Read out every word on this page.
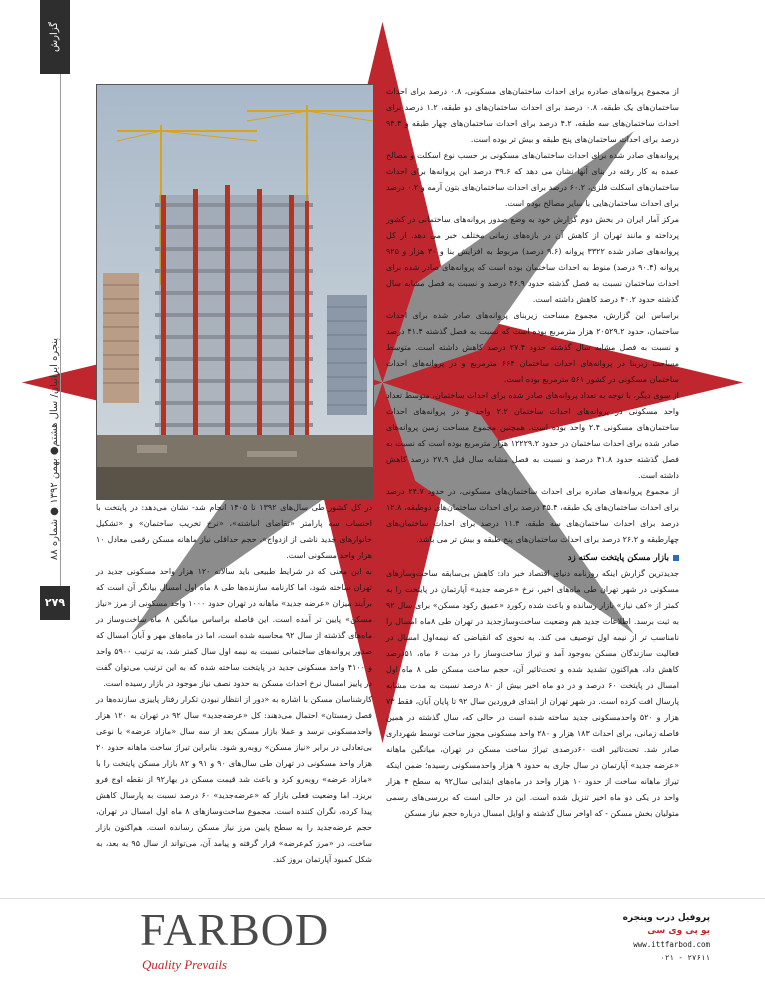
گزارش
پنجره ایرانیان/ سال هشتم● بهمن ۱۳۹۲ ● شماره ۸۸
۲۷۹

از مجموع پروانه‌های صادره برای احداث ساختمان‌های مسکونی، ۰.۸ درصد برای احداث ساختمان‌های یک طبقه، ۰.۸ درصد برای احداث ساختمان‌های دو طبقه، ۱.۲ درصد برای احداث ساختمان‌های سه طبقه، ۴.۲ درصد برای احداث ساختمان‌های چهار طبقه و ۹۴.۴ درصد برای احداث ساختمان‌های پنج طبقه و بیش تر بوده است.

پروانه‌های صادر شده برای احداث ساختمان‌های مسکونی بر حسب نوع اسکلت و مصالح عمده به کار رفته در بنای آنها نشان می دهد که ۳۹.۶ درصد این پروانه‌ها برای احداث ساختمان‌های اسکلت فلزی، ۶۰.۲ درصد برای احداث ساختمان‌های بتون آرمه و ۰.۲ درصد برای احداث ساختمان‌هایی با سایر مصالح بوده است.

مرکز آمار ایران در بخش دوم گزارش خود به وضع صدور پروانه‌های ساختمانی در کشور پرداخته و مانند تهران از کاهش آن در بازه‌های زمانی مختلف خبر می دهد. از کل پروانه‌های صادر شده ۳۳۲۲ پروانه (۹.۶ درصد) مربوط به افزایش بنا و ۳۰ هزار و ۹۲۵ پروانه (۹۰.۴ درصد) منوط به احداث ساختمان بوده است که پروانه‌های صادر شده برای احداث ساختمان نسبت به فصل گذشته حدود ۴۶.۹ درصد و نسبت به فصل مشابه سال گذشته حدود ۴۰.۲ درصد کاهش داشته است.

براساس این گزارش، مجموع مساحت زیربنای پروانه‌های صادر شده برای احداث ساختمان، حدود ۲۰۵۲۹.۲ هزار مترمربع بوده است که نسبت به فصل گذشته ۴۱.۴ درصد و نسبت به فصل مشابه سال گذشته حدود ۲۷.۴ درصد کاهش داشته است. متوسط مساحت زیربنا در پروانه‌های احداث ساختمان ۶۶۴ مترمربع و در پروانه‌های احداث ساختمان مسکونی در کشور ۵۶۱ مترمربع بوده است.

از سوی دیگر، با توجه به تعداد پروانه‌های صادر شده برای احداث ساختمان، متوسط تعداد واحد مسکونی در پروانه‌های احداث ساختمان ۲.۲ واحد و در پروانه‌های احداث ساختمان‌های مسکونی ۲.۴ واحد بوده است. همچنین مجموع مساحت زمین پروانه‌های صادر شده برای احداث ساختمان در حدود ۱۲۲۲۹.۲ هزار مترمربع بوده است که نسبت به فصل گذشته حدود ۴۱.۸ درصد و نسبت به فصل مشابه سال قبل ۲۷.۹ درصد کاهش داشته است.

از مجموع پروانه‌های صادره برای احداث ساختمان‌های مسکونی، در حدود ۲۴.۷ درصد برای احداث ساختمان‌های یک طبقه، ۴۵.۴ درصد برای احداث ساختمان‌های دوطبقه، ۱۲.۸ درصد برای احداث ساختمان‌های سه طبقه، ۱۱.۴ درصد برای احداث ساختمان‌های چهارطبقه و ۲۶.۲ درصد برای احداث ساختمان‌های پنج طبقه و بیش تر می باشد.

بازار مسکن پایتخت سکته زد

جدیدترین گزارش اینکه روزنامه دنیای اقتصاد خبر داد: کاهش بی‌سابقه ساخت‌وسازهای مسکونی در شهر تهران طی ماه‌های اخیر، نرخ «عرضه جدید» آپارتمان در پایتخت را به کمتر از «کف نیاز» بازار رسانده و باعث شده رکورد «عمیق رکود مسکن» برای سال ۹۲ به ثبت برسد. اطلاعات جدید هم وضعیت ساخت‌وسازجدید در تهران طی ۸ماه امسال را نامناسب تر از نیمه اول توصیف می کند. به نحوی که انقباضی که نیمه‌اول امسال در فعالیت سازندگان مسکن به‌وجود آمد و تیراژ ساخت‌وساز را در مدت ۶ ماه، ۵۱درصد کاهش داد، هم‌اکنون تشدید شده و تحت‌تاثیر آن، حجم ساخت مسکن طی ۸ ماه اول امسال در پایتخت ۶۰ درصد و در دو ماه اخیر بیش از ۸۰ درصد نسبت به مدت مشابه پارسال افت کرده است. در شهر تهران از ابتدای فروردین سال ۹۲ تا پایان آبان، فقط ۷۳ هزار و ۵۲۰ واحدمسکونی جدید ساخته شده است در حالی که، سال گذشته در همین فاصله زمانی، برای احداث ۱۸۳ هزار و ۲۸۰ واحد مسکونی مجوز ساخت توسط شهرداری صادر شد. تحت‌تاثیر افت ۶۰درصدی تیراژ ساخت مسکن در تهران، میانگین ماهانه «عرضه جدید» آپارتمان در سال جاری به حدود ۹ هزار واحدمسکونی رسیده؛ ضمن اینکه تیراژ ماهانه ساخت از حدود ۱۰ هزار واحد در ماه‌های ابتدایی سال۹۲ به سطح ۴ هزار واحد در یکی دو ماه اخیر تنزیل شده است. این در حالی است که بررسی‌های رسمی متولیان بخش مسکن - که اواخر سال گذشته و اوایل امسال درباره حجم نیاز مسکن

در کل کشور طی سال‌های ۱۳۹۲ تا ۱۴۰۵ انجام شد- نشان می‌دهد: در پایتخت با احتساب سه پارامتر «تقاضای انباشته»، «نرخ تخریب ساختمان» و «تشکیل خانوارهای جدید ناشی از ازدواج»، حجم حداقلی نیاز ماهانه مسکن رقمی معادل ۱۰ هزار واحد مسکونی است.

به این معنی که در شرایط طبیعی باید سالانه ۱۲۰ هزار واحد مسکونی جدید در تهران ساخته شود، اما کارنامه سازنده‌ها طی ۸ ماه اول امسال بیانگر آن است که برآیند میزان «عرضه جدید» ماهانه در تهران حدود ۱۰۰۰ واحد مسکونی از مرز «نیاز مسکن» پایین تر آمده است. این فاصله براساس میانگین ۸ ماه ساخت‌وساز در ماه‌های گذشته از سال ۹۲ محاسبه شده است، اما در ماه‌های مهر و آبان امسال که صدور پروانه‌های ساختمانی نسبت به نیمه اول سال کمتر شد، به ترتیب ۵۹۰۰ واحد و ۴۱۰۰ واحد مسکونی جدید در پایتخت ساخته شده که به این ترتیب می‌توان گفت در پاییز امسال نرخ احداث مسکن به حدود نصف نیاز موجود در بازار رسیده است.

کارشناسان مسکن با اشاره به «دور از انتظار نبودن تکرار رفتار پاییزی سازنده‌ها در فصل زمستان» احتمال می‌دهند: کل «عرضه‌جدید» سال ۹۲ در تهران به ۱۲۰ هزار واحدمسکونی نرسد و عملا بازار مسکن بعد از سه سال «مازاد عرضه» با نوعی بی‌تعادلی در برابر «نیاز مسکن» روبه‌رو شود. بنابراین تیراژ ساخت ماهانه حدود ۲۰ هزار واحد مسکونی در تهران طی سال‌های ۹۰ و ۹۱ و ۸۲ بازار مسکن پایتخت را با «مازاد عرضه» روبه‌رو کرد و باعث شد قیمت مسکن در بهار۹۲ از نقطه اوج فرو بریزد. اما وضعیت فعلی بازار که «عرضه‌جدید» ۶۰ درصد نسبت به پارسال کاهش پیدا کرده، نگران کننده است. مجموع ساخت‌وسازهای ۸ ماه اول امسال در تهران، حجم عرضه‌جدید را به سطح پایین مرز نیاز مسکن رسانده است. هم‌اکنون بازار ساخت، در «مرز کم‌عرضه» قرار گرفته و پیامد آن، می‌تواند از سال ۹۵ به بعد، به شکل کمبود آپارتمان بروز کند.

FARBOD
Quality Prevails
پروفیل درب وپنجره
یو پی وی سی
www.ittfarbod.com
۰۲۱ - ۲۷۶۱۱
